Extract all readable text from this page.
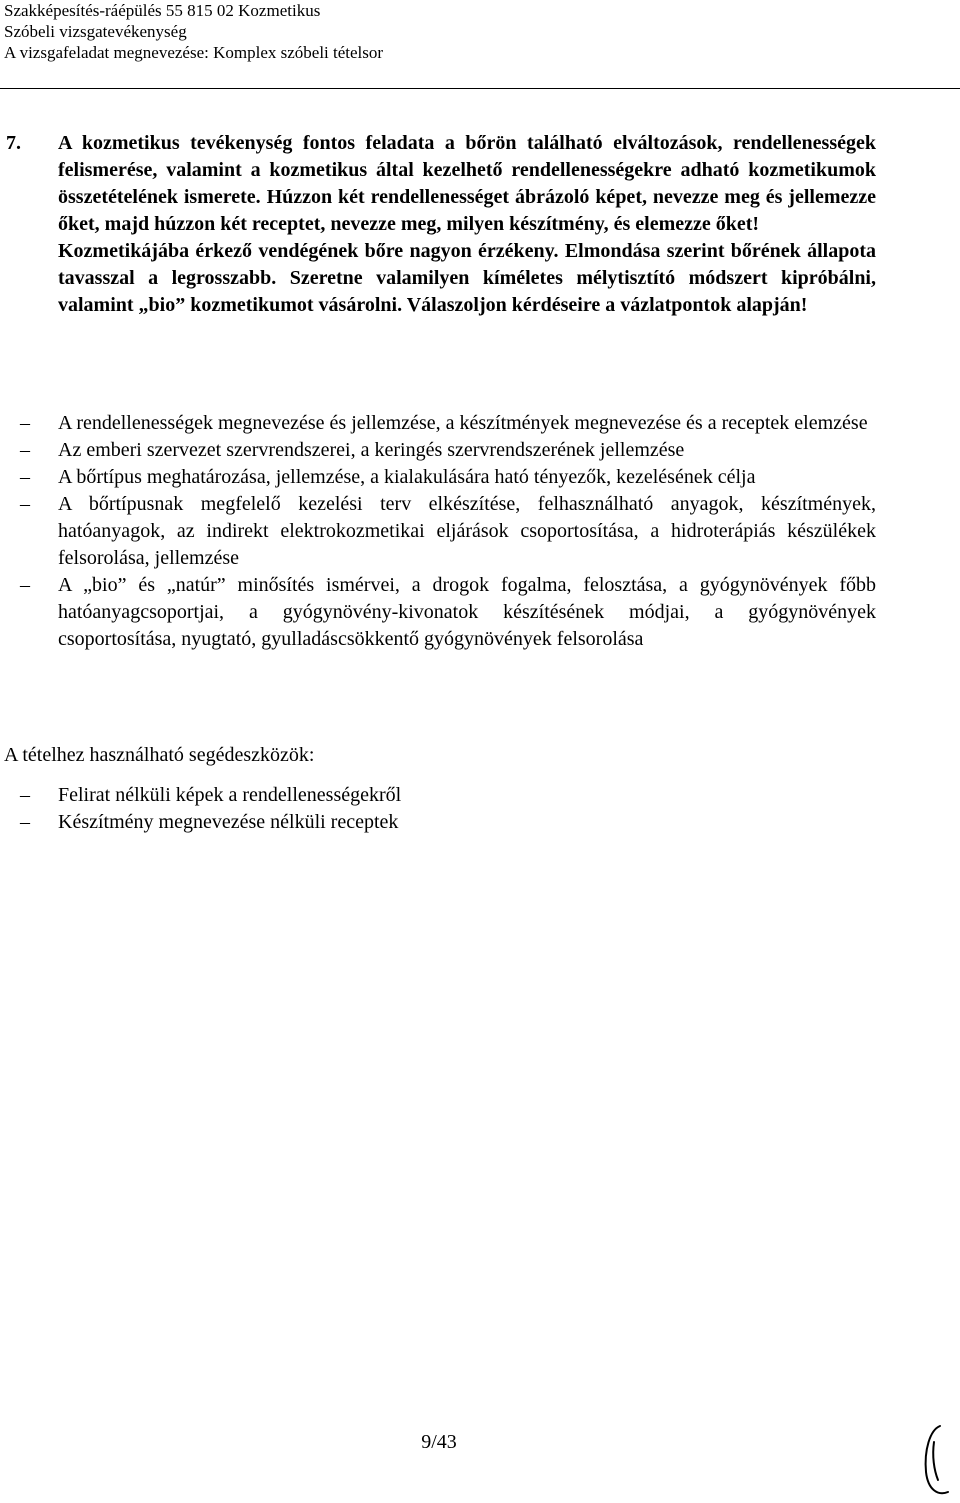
Szakképesítés-ráépülés 55 815 02 Kozmetikus
Szóbeli vizsgatevékenység
A vizsgafeladat megnevezése: Komplex szóbeli tételsor
7. A kozmetikus tevékenység fontos feladata a bőrön található elváltozások, rendellenességek felismerése, valamint a kozmetikus által kezelhető rendellenességekre adható kozmetikumok összetételének ismerete. Húzzon két rendellenességet ábrázoló képet, nevezze meg és jellemezze őket, majd húzzon két receptet, nevezze meg, milyen készítmény, és elemezze őket!

Kozmetikájába érkező vendégének bőre nagyon érzékeny. Elmondása szerint bőrének állapota tavasszal a legrosszabb. Szeretne valamilyen kíméletes mélytisztító módszert kipróbálni, valamint „bio” kozmetikumot vásárolni. Válaszoljon kérdéseire a vázlatpontok alapján!

– A rendellenességek megnevezése és jellemzése, a készítmények megnevezése és a receptek elemzése
– Az emberi szervezet szervrendszerei, a keringés szervrendszerének jellemzése
– A bőrtípus meghatározása, jellemzése, a kialakulására ható tényezők, kezelésének célja
– A bőrtípusnak megfelelő kezelési terv elkészítése, felhasználható anyagok, készítmények, hatóanyagok, az indirekt elektrokozmetikai eljárások csoportosítása, a hidroterápiás készülékek felsorolása, jellemzése
– A „bio” és „natúr” minősítés ismérvei, a drogok fogalma, felosztása, a gyógynövények főbb hatóanyagcsoportjai, a gyógynövény-kivonatok készítésének módjai, a gyógynövények csoportosítása, nyugtató, gyulladáscsökkentő gyógynövények felsorolása
A tételhez használható segédeszközök:
– Felirat nélküli képek a rendellenességekről
– Készítmény megnevezése nélküli receptek
9/43
